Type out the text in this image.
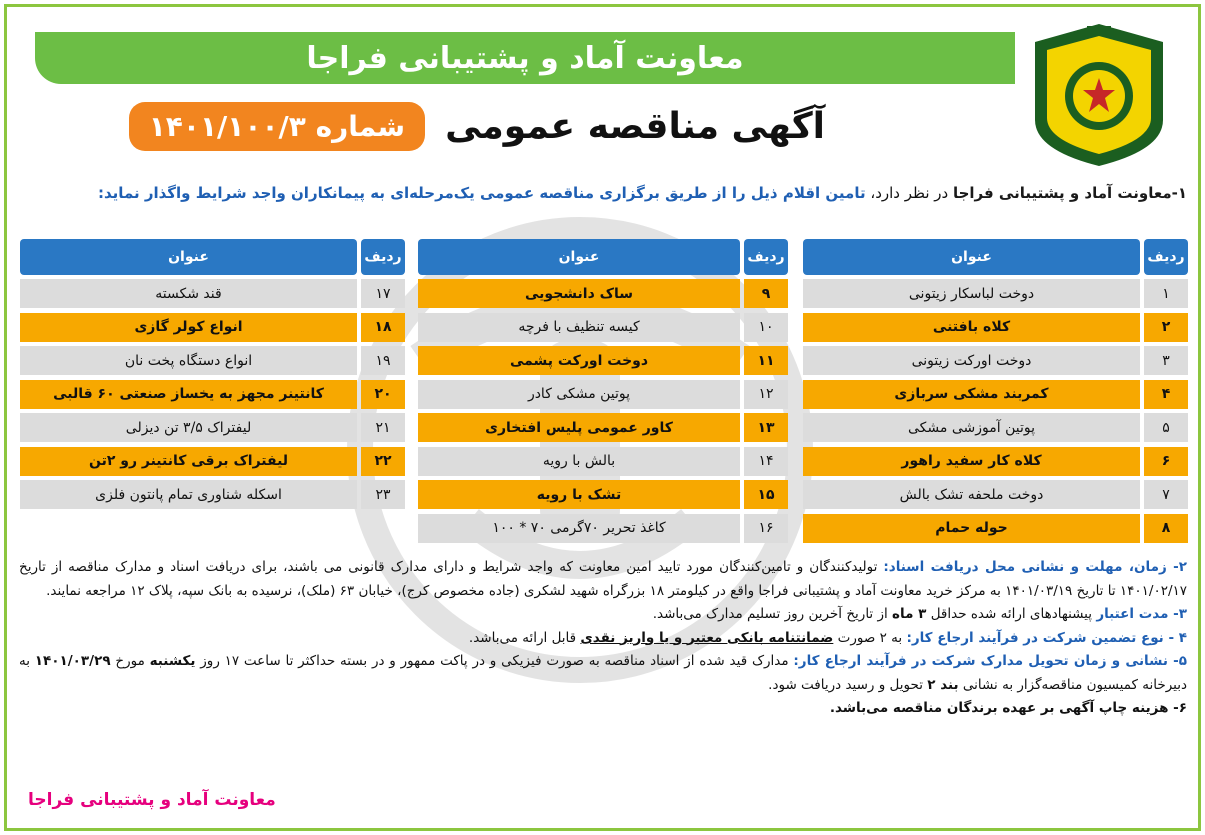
معاونت آماد و پشتیبانی فراجا
آگهی مناقصه عمومی
شماره ۱۴۰۱/۱۰۰/۳
۱-معاونت آماد و پشتیبانی فراجا در نظر دارد، تامین اقلام ذیل را از طریق برگزاری مناقصه عمومی یک‌مرحله‌ای به پیمانکاران واجد شرایط واگذار نماید:
ردیف
عنوان
۱
دوخت لباسکار زیتونی
۲
کلاه بافتنی
۳
دوخت اورکت زیتونی
۴
کمربند مشکی سربازی
۵
پوتین آموزشی مشکی
۶
کلاه کار سفید راهور
۷
دوخت ملحفه تشک بالش
۸
حوله حمام
ردیف
عنوان
۹
ساک دانشجویی
۱۰
کیسه تنظیف با فرچه
۱۱
دوخت اورکت پشمی
۱۲
پوتین مشکی کادر
۱۳
کاور عمومی پلیس افتخاری
۱۴
بالش با رویه
۱۵
تشک با رویه
۱۶
کاغذ تحریر ۷۰گرمی ۷۰ * ۱۰۰
ردیف
عنوان
۱۷
قند شکسته
۱۸
انواع کولر گازی
۱۹
انواع دستگاه پخت نان
۲۰
کانتینر مجهز به یخساز صنعتی ۶۰ قالبی
۲۱
لیفتراک ۳/۵ تن دیزلی
۲۲
لیفتراک برقی کانتینر رو ۲تن
۲۳
اسکله شناوری تمام پانتون فلزی

۲- زمان، مهلت و نشانی محل دریافت اسناد: تولیدکنندگان و تامین‌کنندگان مورد تایید امین معاونت که واجد شرایط و دارای مدارک قانونی می باشند، برای دریافت اسناد و مدارک مناقصه از تاریخ ۱۴۰۱/۰۲/۱۷ تا تاریخ ۱۴۰۱/۰۳/۱۹ به مرکز خرید معاونت آماد و پشتیبانی فراجا واقع در کیلومتر ۱۸ بزرگراه شهید لشکری (جاده مخصوص کرج)، خیابان ۶۳ (ملک)، نرسیده به بانک سپه، پلاک ۱۲ مراجعه نمایند.

۳- مدت اعتبار پیشنهادهای ارائه شده حداقل ۳ ماه از تاریخ آخرین روز تسلیم مدارک می‌باشد.

۴ - نوع تضمین شرکت در فرآیند ارجاع کار: به ۲ صورت ضمانتنامه بانکی معتبر و یا واریز نقدی قابل ارائه می‌باشد.

۵- نشانی و زمان تحویل مدارک شرکت در فرآیند ارجاع کار: مدارک قید شده از اسناد مناقصه به صورت فیزیکی و در پاکت ممهور و در بسته حداکثر تا ساعت ۱۷ روز یکشنبه مورخ ۱۴۰۱/۰۳/۲۹ به دبیرخانه کمیسیون مناقصه‌گزار به نشانی بند ۲ تحویل و رسید دریافت شود.

۶- هزینه چاپ آگهی بر عهده برندگان مناقصه می‌باشد.

معاونت آماد و پشتیبانی فراجا
